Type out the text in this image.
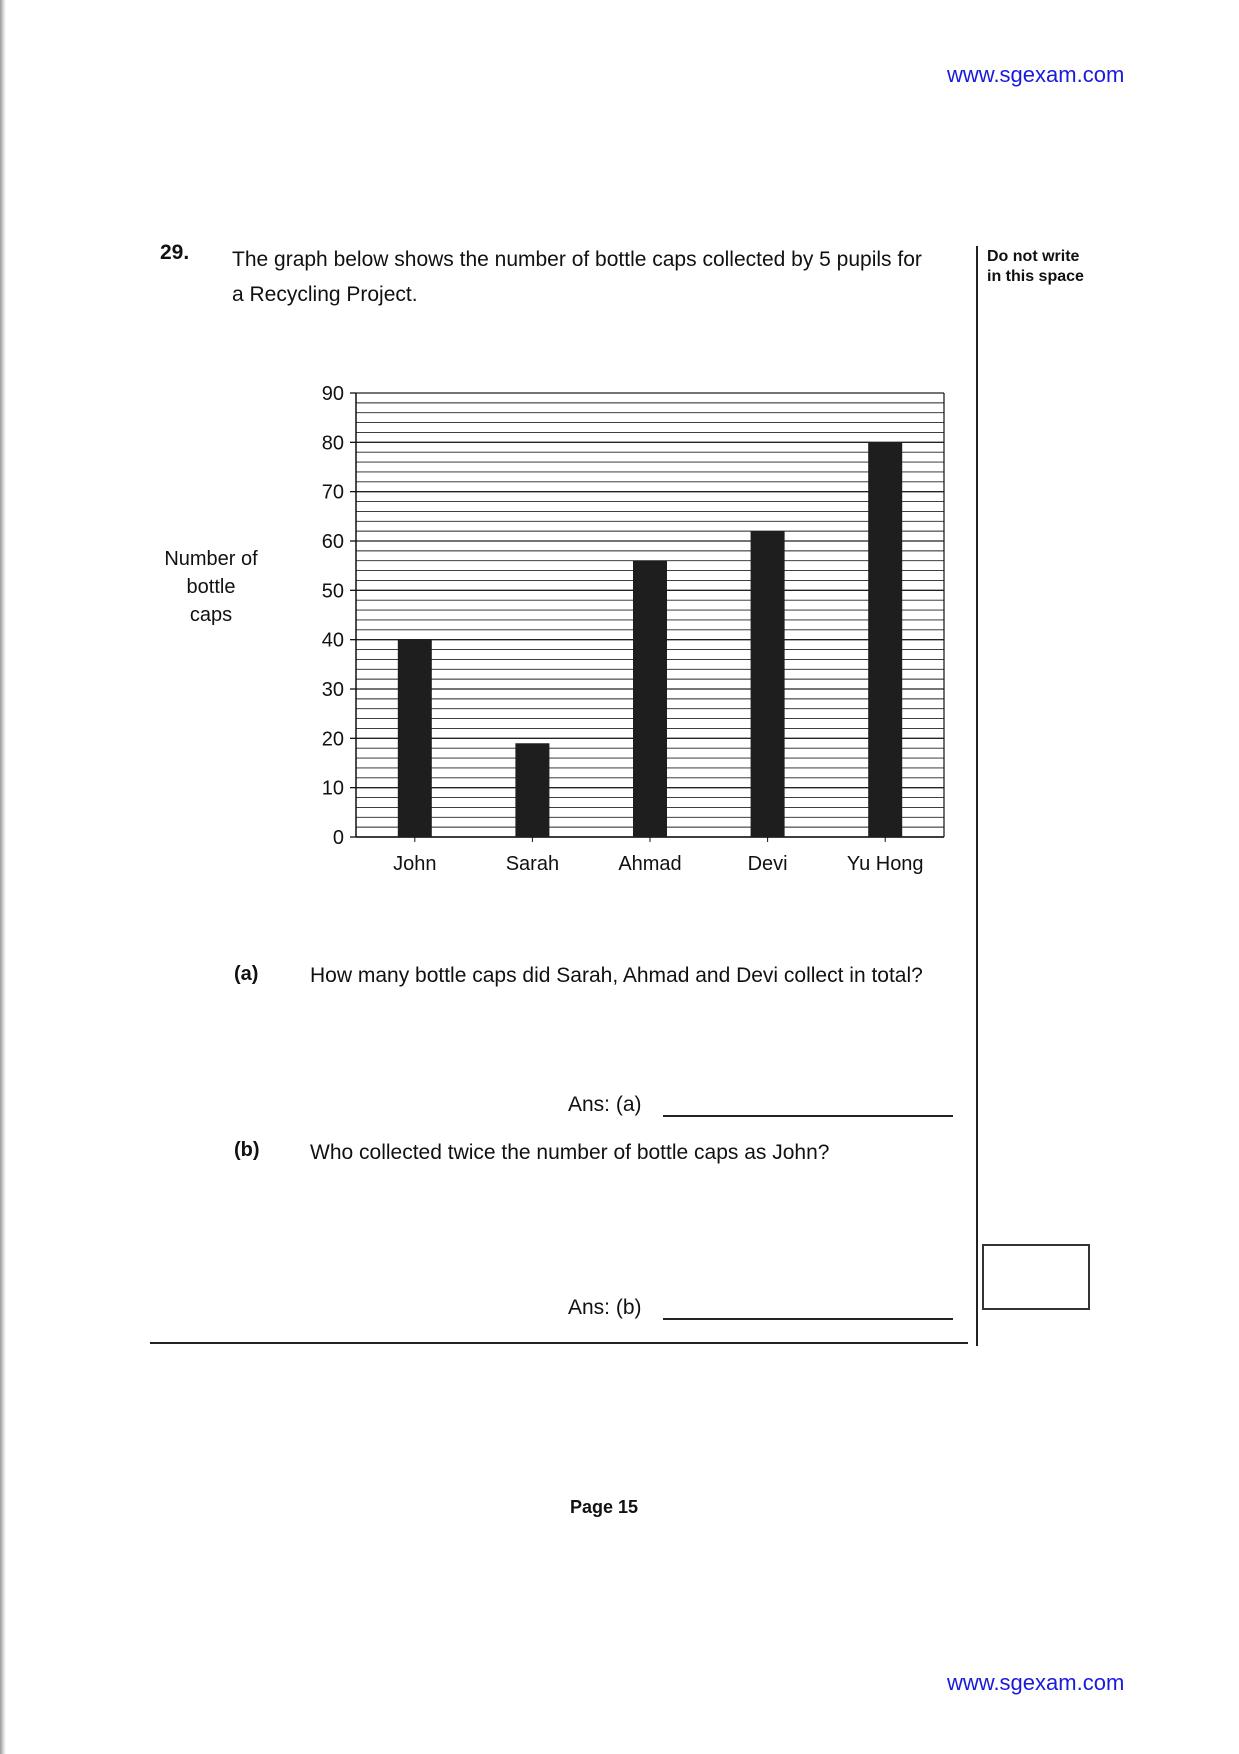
www.sgexam.com
29. The graph below shows the number of bottle caps collected by 5 pupils for
a Recycling Project.
Do not write
in this space
Number of
bottle
caps
0
10
20
30
40
50
60
70
80
90
John	Sarah	Ahmad	Devi	Yu Hong
(a) How many bottle caps did Sarah, Ahmad and Devi collect in total?
Ans: (a)
(b) Who collected twice the number of bottle caps as John?
Ans: (b)
Page 15
www.sgexam.com
